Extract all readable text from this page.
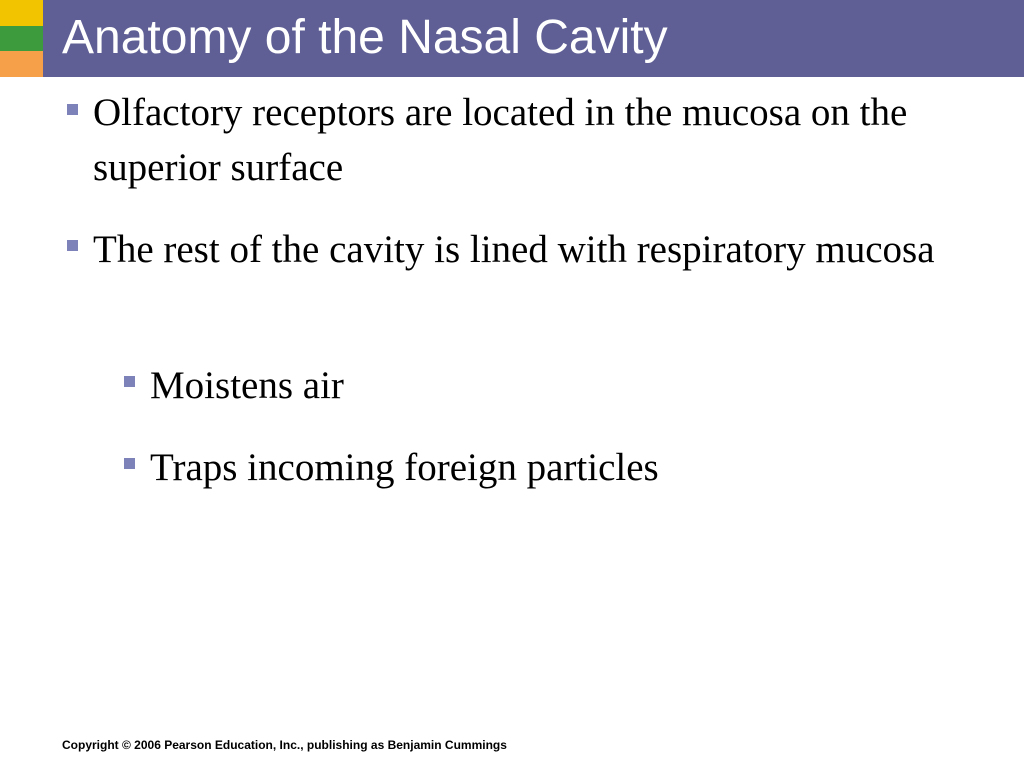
Anatomy of the Nasal Cavity
Olfactory receptors are located in the mucosa on the superior surface
The rest of the cavity is lined with respiratory mucosa
Moistens air
Traps incoming foreign particles
Copyright © 2006 Pearson Education, Inc., publishing as Benjamin Cummings
